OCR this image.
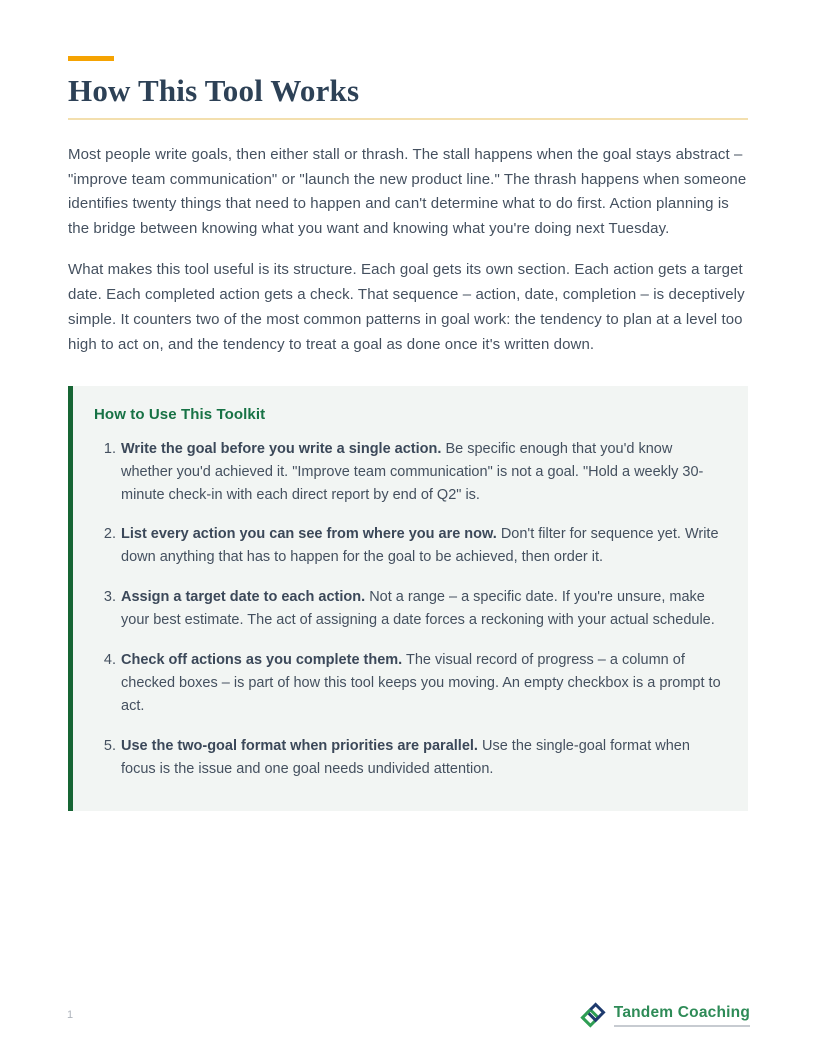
How This Tool Works

Most people write goals, then either stall or thrash. The stall happens when the goal stays abstract – "improve team communication" or "launch the new product line." The thrash happens when someone identifies twenty things that need to happen and can't determine what to do first. Action planning is the bridge between knowing what you want and knowing what you're doing next Tuesday.

What makes this tool useful is its structure. Each goal gets its own section. Each action gets a target date. Each completed action gets a check. That sequence – action, date, completion – is deceptively simple. It counters two of the most common patterns in goal work: the tendency to plan at a level too high to act on, and the tendency to treat a goal as done once it's written down.

How to Use This Toolkit
1. Write the goal before you write a single action. Be specific enough that you'd know whether you'd achieved it. "Improve team communication" is not a goal. "Hold a weekly 30-minute check-in with each direct report by end of Q2" is.

2. List every action you can see from where you are now. Don't filter for sequence yet. Write down anything that has to happen for the goal to be achieved, then order it.

3. Assign a target date to each action. Not a range – a specific date. If you're unsure, make your best estimate. The act of assigning a date forces a reckoning with your actual schedule.

4. Check off actions as you complete them. The visual record of progress – a column of checked boxes – is part of how this tool keeps you moving. An empty checkbox is a prompt to act.

5. Use the two-goal format when priorities are parallel. Use the single-goal format when focus is the issue and one goal needs undivided attention.

1	Tandem Coaching
